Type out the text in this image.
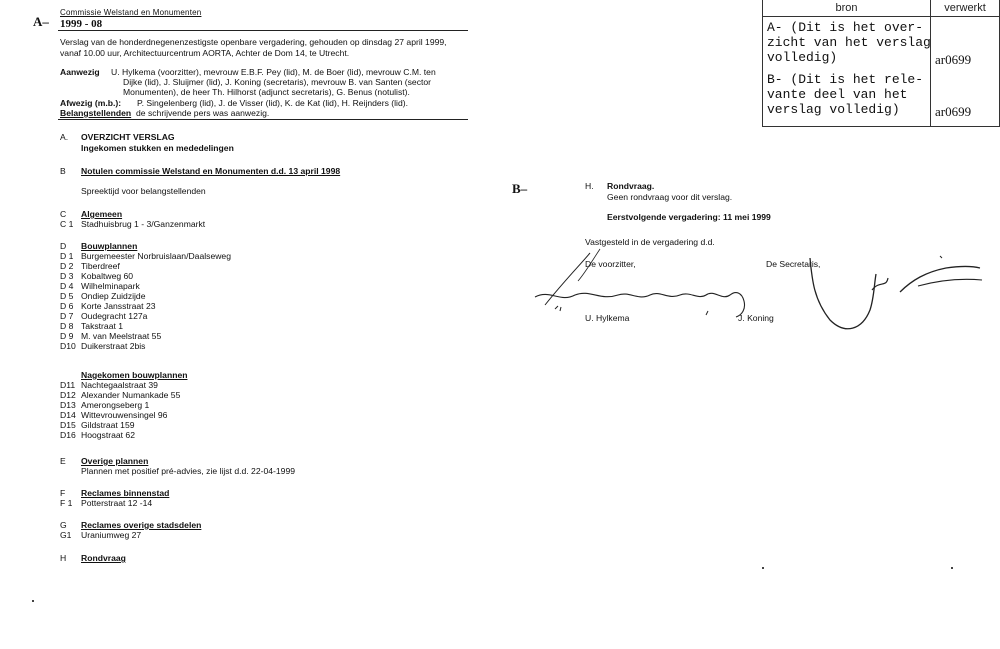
A–
Commissie Welstand en Monumenten
1999 - 08
Verslag van de honderdnegenenzestigste openbare vergadering, gehouden op dinsdag 27 april 1999,
vanaf 10.00 uur, Architectuurcentrum AORTA, Achter de Dom 14, te Utrecht.
Aanwezig U. Hylkema (voorzitter), mevrouw E.B.F. Pey (lid), M. de Boer (lid), mevrouw C.M. ten
Dijke (lid), J. Sluijmer (lid), J. Koning (secretaris), mevrouw B. van Santen (sector
Monumenten), de heer Th. Hilhorst (adjunct secretaris), G. Benus (notulist).
Afwezig (m.b.): P. Singelenberg (lid), J. de Visser (lid), K. de Kat (lid), H. Reijnders (lid).
Belangstellenden de schrijvende pers was aanwezig.
A. OVERZICHT VERSLAG
Ingekomen stukken en mededelingen
B Notulen commissie Welstand en Monumenten d.d. 13 april 1998
Spreektijd voor belangstellenden
C Algemeen
C 1 Stadhuisbrug 1 - 3/Ganzenmarkt
D Bouwplannen
D 1 Burgemeester Norbruislaan/Daalseweg
D 2 Tiberdreef
D 3 Kobaltweg 60
D 4 Wilhelminapark
D 5 Ondiep Zuidzijde
D 6 Korte Jansstraat 23
D 7 Oudegracht 127a
D 8 Takstraat 1
D 9 M. van Meelstraat 55
D10 Duikerstraat 2bis
Nagekomen bouwplannen
D11 Nachtegaalstraat 39
D12 Alexander Numankade 55
D13 Amerongseberg 1
D14 Wittevrouwensingel 96
D15 Gildstraat 159
D16 Hoogstraat 62
E Overige plannen
Plannen met positief pré-advies, zie lijst d.d. 22-04-1999
F Reclames binnenstad
F 1 Potterstraat 12 -14
G Reclames overige stadsdelen
G1 Uraniumweg 27
H Rondvraag
B–	H. Rondvraag.
Geen rondvraag voor dit verslag.
Eerstvolgende vergadering: 11 mei 1999
Vastgesteld in de vergadering d.d.
De voorzitter,	De Secretaris,
U. Hylkema	J. Koning
bron	verwerkt
A- (Dit is het over-
zicht van het verslag
volledig)	ar0699
B- (Dit is het rele-
vante deel van het
verslag volledig)	ar0699
